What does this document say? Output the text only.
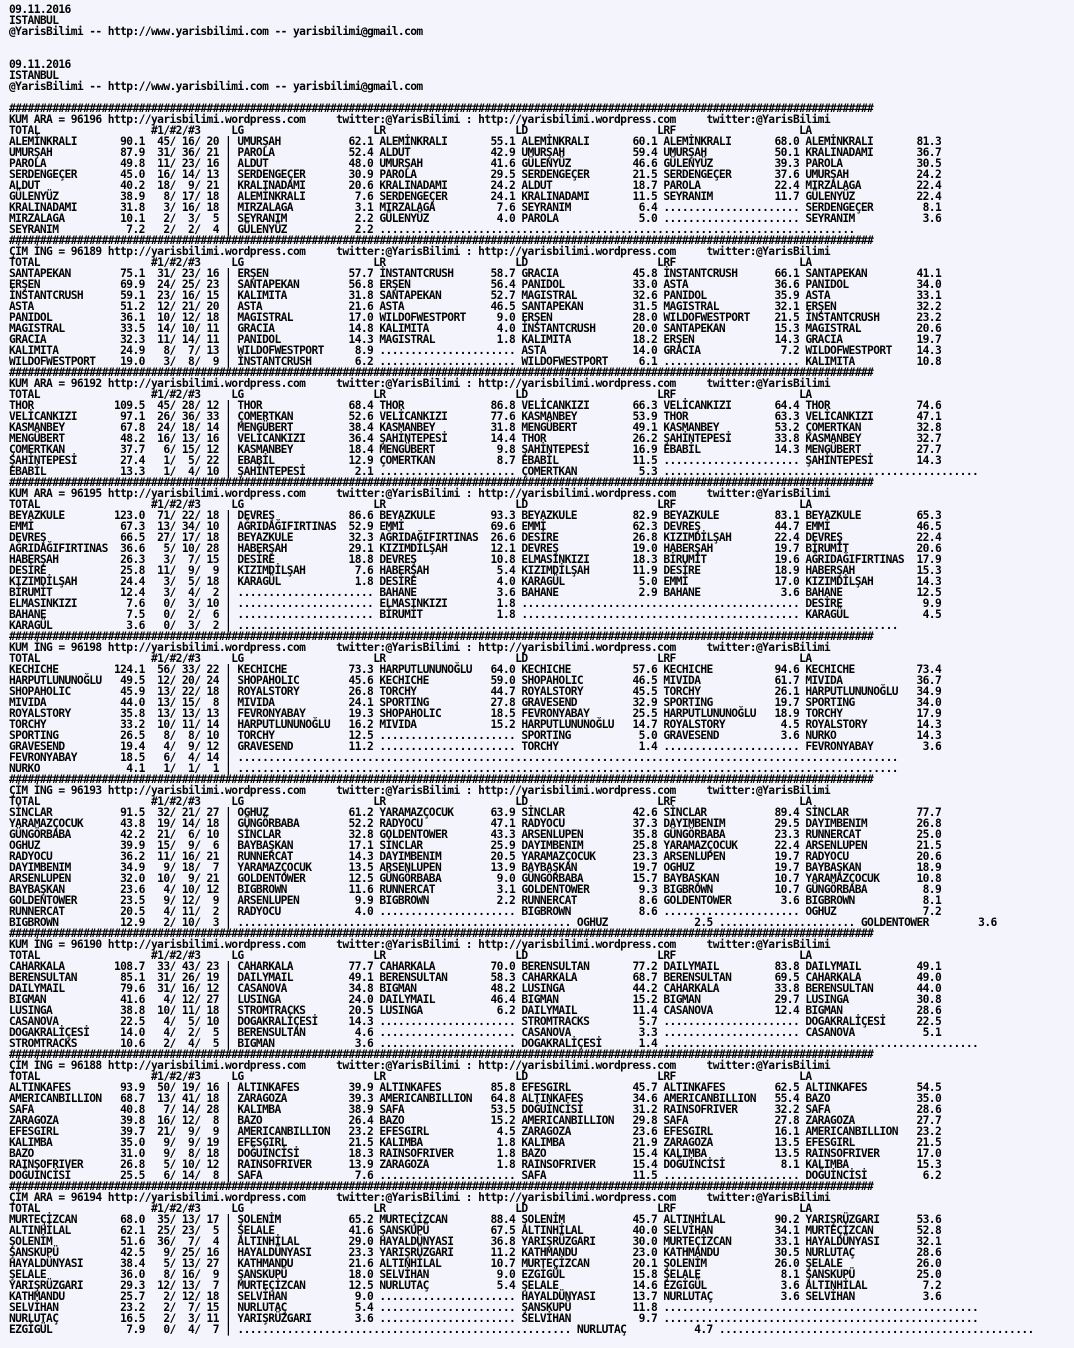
09.11.2016
ISTANBUL
@YarisBilimi -- http://www.yarisbilimi.com -- yarisbilimi@gmail.com

09.11.2016
ISTANBUL
@YarisBilimi -- http://www.yarisbilimi.com -- yarisbilimi@gmail.com

############################################################################################################################################
KUM ARA = 96196 http://yarisbilimi.wordpress.com     twitter:@YarisBilimi : http://yarisbilimi.wordpress.com     twitter:@YarisBilimi
TOTAL                  #1/#2/#3     LG                     LR                     LD                     LRF                    LA
ALEMİNKRALI       90.1  45/ 16/ 20 | UMURŞAH           62.1 ALEMİNKRALI       55.1 ALEMİNKRALI       60.1 ALEMİNKRALI       68.0 ALEMİNKRALI       81.3
UMURŞAH           87.9  31/ 36/ 21 | PAROLA            52.4 ALDUT             42.9 UMURŞAH           59.4 UMURŞAH           50.1 KRALINADAMI       36.7
PAROLA            49.8  11/ 23/ 16 | ALDUT             48.0 UMURŞAH           41.6 GÜLENYÜZ          46.6 GÜLENYÜZ          39.3 PAROLA            30.5
SERDENGEÇER       45.0  16/ 14/ 13 | SERDENGEÇER       30.9 PAROLA            29.5 SERDENGEÇER       21.5 SERDENGEÇER       37.6 UMURŞAH           24.2
ALDUT             40.2  18/  9/ 21 | KRALINADAMI       20.6 KRALINADAMI       24.2 ALDUT             18.7 PAROLA            22.4 MIRZALAGA         22.4
GÜLENYÜZ          38.9   8/ 17/ 18 | ALEMİNKRALI        7.6 SERDENGEÇER       24.1 KRALINADAMI       11.5 SEYRANIM          11.7 GÜLENYÜZ          22.4
KRALINADAMI       31.8   3/ 16/ 18 | MIRZALAGA          3.1 MIRZALAGA          7.6 SEYRANIM           6.4 ...................... SERDENGEÇER        8.1
MIRZALAGA         10.1   2/  3/  5 | SEYRANIM           2.2 GÜLENYÜZ           4.0 PAROLA             5.0 ...................... SEYRANIM           3.6
SEYRANIM           7.2   2/  2/  4 | GÜLENYÜZ           2.2 .............................................................................
############################################################################################################################################
ÇİM İNG = 96189 http://yarisbilimi.wordpress.com     twitter:@YarisBilimi : http://yarisbilimi.wordpress.com     twitter:@YarisBilimi
TOTAL                  #1/#2/#3     LG                     LR                     LD                     LRF                    LA
SANTAPEKAN        75.1  31/ 23/ 16 | ERŞEN             57.7 İNSTANTCRUSH      58.7 GRACIA            45.8 İNSTANTCRUSH      66.1 SANTAPEKAN        41.1
ERŞEN             69.9  24/ 25/ 23 | SANTAPEKAN        56.8 ERŞEN             56.4 PANIDOL           33.0 ASTA              36.6 PANIDOL           34.0
İNSTANTCRUSH      59.1  23/ 16/ 15 | KALIMITA          31.8 SANTAPEKAN        52.7 MAGISTRAL         32.6 PANIDOL           35.9 ASTA              33.1
ASTA              51.2  12/ 21/ 20 | ASTA              21.6 ASTA              46.5 SANTAPEKAN        31.5 MAGISTRAL         32.1 ERŞEN             32.2
PANIDOL           36.1  10/ 12/ 18 | MAGISTRAL         17.0 WILDOFWESTPORT     9.0 ERŞEN             28.0 WILDOFWESTPORT    21.5 İNSTANTCRUSH      23.2
MAGISTRAL         33.5  14/ 10/ 11 | GRACIA            14.8 KALIMITA           4.0 İNSTANTCRUSH      20.0 SANTAPEKAN        15.3 MAGISTRAL         20.6
GRACIA            32.3  11/ 14/ 11 | PANIDOL           14.3 MAGISTRAL          1.8 KALIMITA          18.2 ERŞEN             14.3 GRACIA            19.7
KALIMITA          24.9   8/  7/ 13 | WILDOFWESTPORT     8.9 ...................... ASTA              14.0 GRACIA             7.2 WILDOFWESTPORT    14.3
WILDOFWESTPORT    19.0   3/  8/  9 | İNSTANTCRUSH       6.2 ...................... WILDOFWESTPORT     6.1 ...................... KALIMITA          10.8
############################################################################################################################################
KUM ARA = 96192 http://yarisbilimi.wordpress.com     twitter:@YarisBilimi : http://yarisbilimi.wordpress.com     twitter:@YarisBilimi
TOTAL                  #1/#2/#3     LG                     LR                     LD                     LRF                    LA
THOR             109.5  45/ 28/ 12 | THOR              68.4 THOR              86.8 VELİCANKIZI       66.3 VELİCANKIZI       64.4 THOR              74.6
VELİCANKIZI       97.1  26/ 36/ 33 | ÇOMERTKAN         52.6 VELİCANKIZI       77.6 KASMANBEY         53.9 THOR              63.3 VELİCANKIZI       47.1
KASMANBEY         67.8  24/ 18/ 14 | MENGÜBERT         38.4 KASMANBEY         31.8 MENGÜBERT         49.1 KASMANBEY         53.2 ÇOMERTKAN         32.8
MENGÜBERT         48.2  16/ 13/ 16 | VELİCANKIZI       36.4 ŞAHİNTEPESİ       14.4 THOR              26.2 ŞAHİNTEPESİ       33.8 KASMANBEY         32.7
ÇOMERTKAN         37.7   6/ 15/ 12 | KASMANBEY         18.4 MENGÜBERT          9.8 ŞAHİNTEPESİ       16.9 EBABİL            14.3 MENGÜBERT         27.7
ŞAHİNTEPESİ       27.4   1/  5/ 22 | EBABİL            12.9 ÇOMERTKAN          8.7 EBABİL            11.5 ...................... ŞAHİNTEPESİ       14.3
EBABİL            13.3   1/  4/ 10 | ŞAHİNTEPESİ        2.1 ...................... ÇOMERTKAN          5.3 ...................................................
############################################################################################################################################
KUM ARA = 96195 http://yarisbilimi.wordpress.com     twitter:@YarisBilimi : http://yarisbilimi.wordpress.com     twitter:@YarisBilimi
TOTAL                  #1/#2/#3     LG                     LR                     LD                     LRF                    LA
BEYAZKULE        123.0  71/ 22/ 18 | DEVREŞ            86.6 BEYAZKULE         93.3 BEYAZKULE         82.9 BEYAZKULE         83.1 BEYAZKULE         65.3
EMMİ              67.3  13/ 34/ 10 | AĞRIDAĞIFIRTINAS  52.9 EMMİ              69.6 EMMİ              62.3 DEVREŞ            44.7 EMMİ              46.5
DEVREŞ            66.5  27/ 17/ 18 | BEYAZKULE         32.3 AĞRIDAĞIFIRTINAS  26.6 DESİRE            26.8 KIZIMDİLŞAH       22.4 DEVREŞ            22.4
AĞRIDAĞIFIRTINAS  36.6   5/ 10/ 28 | HABERŞAH          29.1 KIZIMDİLŞAH       12.1 DEVREŞ            19.0 HABERŞAH          19.7 BİRUMİT           20.6
HABERŞAH          26.3   3/  7/ 15 | DESİRE            18.8 DEVREŞ            10.8 ELMASINKIZI       18.3 BİRUMİT           19.6 AĞRIDAĞIFIRTINAS  17.9
DESİRE            25.8  11/  9/  9 | KIZIMDİLŞAH        7.6 HABERŞAH           5.4 KIZIMDİLŞAH       11.9 DESİRE            18.9 HABERŞAH          15.3
KIZIMDİLŞAH       24.4   3/  5/ 18 | KARAGÜL            1.8 DESİRE             4.0 KARAGÜL            5.0 EMMİ              17.0 KIZIMDİLŞAH       14.3
BİRUMİT           12.4   3/  4/  2 | ...................... BAHANE             3.6 BAHANE             2.9 BAHANE             3.6 BAHANE            12.5
ELMASINKIZI        7.6   0/  3/ 10 | ...................... ELMASINKIZI        1.8 ............................................. DESİRE             9.9
BAHANE             7.5   0/  2/  6 | ...................... BİRUMİT            1.8 ............................................. KARAGÜL            4.5
KARAGÜL            3.6   0/  3/  2 | ...........................................................................................................
############################################################################################################################################
KUM İNG = 96198 http://yarisbilimi.wordpress.com     twitter:@YarisBilimi : http://yarisbilimi.wordpress.com     twitter:@YarisBilimi
TOTAL                  #1/#2/#3     LG                     LR                     LD                     LRF                    LA
KECHICHE         124.1  56/ 33/ 22 | KECHICHE          73.3 HARPUTLUNUNOĞLU   64.0 KECHICHE          57.6 KECHICHE          94.6 KECHICHE          73.4
HARPUTLUNUNOĞLU   49.5  12/ 20/ 24 | SHOPAHOLIC        45.6 KECHICHE          59.0 SHOPAHOLIC        46.5 MIVIDA            61.7 MIVIDA            36.7
SHOPAHOLIC        45.9  13/ 22/ 18 | ROYALSTORY        26.8 TORCHY            44.7 ROYALSTORY        45.5 TORCHY            26.1 HARPUTLUNUNOĞLU   34.9
MIVIDA            44.0  13/ 15/  8 | MIVIDA            24.1 SPORTING          27.8 GRAVESEND         32.9 SPORTING          19.7 SPORTING          34.0
ROYALSTORY        35.8  13/ 13/ 13 | FEVRONYABAY       19.3 SHOPAHOLIC        18.5 FEVRONYABAY       25.5 HARPUTLUNUNOĞLU   18.9 TORCHY            17.9
TORCHY            33.2  10/ 11/ 14 | HARPUTLUNUNOĞLU   16.2 MIVIDA            15.2 HARPUTLUNUNOĞLU   14.7 ROYALSTORY         4.5 ROYALSTORY        14.3
SPORTING          26.5   8/  8/ 10 | TORCHY            12.5 ...................... SPORTING           5.0 GRAVESEND          3.6 NURKO             14.3
GRAVESEND         19.4   4/  9/ 12 | GRAVESEND         11.2 ...................... TORCHY             1.4 ...................... FEVRONYABAY        3.6
FEVRONYABAY       18.5   6/  4/ 14 | ...........................................................................................................
NURKO              4.1   1/  1/  1 | ...........................................................................................................
############################################################################################################################################
ÇİM İNG = 96193 http://yarisbilimi.wordpress.com     twitter:@YarisBilimi : http://yarisbilimi.wordpress.com     twitter:@YarisBilimi
TOTAL                  #1/#2/#3     LG                     LR                     LD                     LRF                    LA
SİNCLAR           91.5  32/ 21/ 27 | OGHUZ             61.2 YARAMAZÇOCUK      63.9 SİNCLAR           42.6 SİNCLAR           89.4 SİNCLAR           77.7
YARAMAZÇOCUK      43.8  19/ 14/ 18 | GÜNGÖRBABA        52.2 RADYOCU           47.1 RADYOCU           37.3 DAYIMBENIM        29.5 DAYIMBENIM        26.8
GÜNGÖRBABA        42.2  21/  6/ 10 | SİNCLAR           32.8 GOLDENTOWER       43.3 ARSENLUPEN        35.8 GÜNGÖRBABA        23.3 RUNNERCAT         25.0
OGHUZ             39.9  15/  9/  6 | BAYBAŞKAN         17.1 SİNCLAR           25.9 DAYIMBENIM        25.8 YARAMAZÇOCUK      22.4 ARSENLUPEN        21.5
RADYOCU           36.2  11/ 16/ 21 | RUNNERCAT         14.3 DAYIMBENIM        20.5 YARAMAZÇOCUK      23.3 ARSENLUPEN        19.7 RADYOCU           20.6
DAYIMBENIM        34.9   9/ 18/  7 | YARAMAZÇOCUK      13.5 ARSENLUPEN        13.9 BAYBAŞKAN         19.7 OGHUZ             19.7 BAYBAŞKAN         18.9
ARSENLUPEN        32.0  10/  9/ 21 | GOLDENTOWER       12.5 GÜNGÖRBABA         9.0 GÜNGÖRBABA        15.7 BAYBAŞKAN         10.7 YARAMAZÇOCUK      10.8
BAYBAŞKAN         23.6   4/ 10/ 12 | BIGBROWN          11.6 RUNNERCAT          3.1 GOLDENTOWER        9.3 BIGBROWN          10.7 GÜNGÖRBABA         8.9
GOLDENTOWER       23.5   9/ 12/  9 | ARSENLUPEN         9.9 BIGBROWN           2.2 RUNNERCAT          8.6 GOLDENTOWER        3.6 BIGBROWN           8.1
RUNNERCAT         20.5   4/ 11/  2 | RADYOCU            4.0 ...................... BIGBROWN           8.6 ...................... OGHUZ              7.2
BIGBROWN          12.9   2/ 10/  3 | ...................................................... OGHUZ              2.5 ...................... GOLDENTOWER        3.6
############################################################################################################################################
KUM İNG = 96190 http://yarisbilimi.wordpress.com     twitter:@YarisBilimi : http://yarisbilimi.wordpress.com     twitter:@YarisBilimi
TOTAL                  #1/#2/#3     LG                     LR                     LD                     LRF                    LA
CAHARKALA        108.7  33/ 43/ 23 | CAHARKALA         77.7 CAHARKALA         70.0 BERENSULTAN       77.2 DAILYMAIL         83.8 DAILYMAIL         49.1
BERENSULTAN       85.1  31/ 26/ 19 | DAILYMAIL         49.1 BERENSULTAN       58.3 CAHARKALA         68.7 BERENSULTAN       69.5 CAHARKALA         49.0
DAILYMAIL         79.6  31/ 16/ 12 | CASANOVA          34.8 BIGMAN            48.2 LUSINGA           44.2 CAHARKALA         33.8 BERENSULTAN       44.0
BIGMAN            41.6   4/ 12/ 27 | LUSINGA           24.0 DAILYMAIL         46.4 BIGMAN            15.2 BIGMAN            29.7 LUSINGA           30.8
LUSINGA           38.8  10/ 11/ 18 | STROMTRACKS       20.5 LUSINGA            6.2 DAILYMAIL         11.4 CASANOVA          12.4 BIGMAN            28.6
CASANOVA          22.5   4/  5/ 10 | DOGAKRALİÇESİ     14.3 ...................... STROMTRACKS        5.7 ...................... DOGAKRALİÇESİ     22.5
DOGAKRALİÇESİ     14.0   4/  2/  5 | BERENSULTAN        4.6 ...................... CASANOVA           3.3 ...................... CASANOVA           5.1
STROMTRACKS       10.6   2/  4/  5 | BIGMAN             3.6 ...................... DOGAKRALİÇESİ      1.4 ...................................................
############################################################################################################################################
ÇİM İNG = 96188 http://yarisbilimi.wordpress.com     twitter:@YarisBilimi : http://yarisbilimi.wordpress.com     twitter:@YarisBilimi
TOTAL                  #1/#2/#3     LG                     LR                     LD                     LRF                    LA
ALTINKAFES        93.9  50/ 19/ 16 | ALTINKAFES        39.9 ALTINKAFES        85.8 EFESGIRL          45.7 ALTINKAFES        62.5 ALTINKAFES        54.5
AMERICANBILLION   68.7  13/ 41/ 18 | ZARAGOZA          39.3 AMERICANBILLION   64.8 ALTINKAFES        34.6 AMERICANBILLION   55.4 BAZO              35.0
SAFA              40.8   7/ 14/ 28 | KALIMBA           38.9 SAFA              53.5 DOĞUİNCİSİ        31.2 RAINSOFRIVER      32.2 SAFA              28.6
ZARAGOZA          39.8  16/ 12/  8 | BAZO              26.4 BAZO              15.2 AMERICANBILLION   29.8 SAFA              27.8 ZARAGOZA          27.7
EFESGIRL          39.7  21/  9/  9 | AMERICANBILLION   23.2 EFESGIRL           4.5 ZARAGOZA          23.6 EFESGIRL          16.1 AMERICANBILLION   23.2
KALIMBA           35.0   9/  9/ 19 | EFESGIRL          21.5 KALIMBA            1.8 KALIMBA           21.9 ZARAGOZA          13.5 EFESGIRL          21.5
BAZO              31.0   9/  8/ 18 | DOĞUİNCİSİ        18.3 RAINSOFRIVER       1.8 BAZO              15.4 KALIMBA           13.5 RAINSOFRIVER      17.0
RAINSOFRIVER      26.8   5/ 10/ 12 | RAINSOFRIVER      13.9 ZARAGOZA           1.8 RAINSOFRIVER      15.4 DOĞUİNCİSİ         8.1 KALIMBA           15.3
DOĞUİNCİSİ        25.5   6/ 14/  8 | SAFA               7.6 ...................... SAFA              11.5 ...................... DOĞUİNCİSİ         6.2
############################################################################################################################################
ÇİM ARA = 96194 http://yarisbilimi.wordpress.com     twitter:@YarisBilimi : http://yarisbilimi.wordpress.com     twitter:@YarisBilimi
TOTAL                  #1/#2/#3     LG                     LR                     LD                     LRF                    LA
MURTEÇİZCAN       68.0  35/ 13/ 17 | ŞOLENİM           65.2 MURTEÇİZCAN       88.4 ŞOLENİM           45.7 ALTINHİLAL        90.2 YARIŞRÜZGARI      53.6
ALTINHİLAL        62.1  25/ 23/  5 | ŞELALE            41.6 ŞANSKUPÜ          67.5 ALTINHİLAL        40.0 SELVİHAN          34.1 MURTEÇİZCAN       52.8
ŞOLENİM           51.6  36/  7/  4 | ALTINHİLAL        29.0 HAYALDÜNYASI      36.8 YARIŞRÜZGARI      30.0 MURTEÇİZCAN       33.1 HAYALDÜNYASI      32.1
ŞANSKUPÜ          42.5   9/ 25/ 16 | HAYALDÜNYASI      23.3 YARIŞRÜZGARI      11.2 KATHMANDU         23.0 KATHMANDU         30.5 NURLUTAÇ          28.6
HAYALDÜNYASI      38.4   5/ 13/ 27 | KATHMANDU         21.6 ALTINHİLAL        10.7 MURTEÇİZCAN       20.1 ŞOLENİM           26.0 ŞELALE            26.0
ŞELALE            36.0   8/ 16/  9 | ŞANSKUPÜ          18.0 SELVİHAN           9.0 EZGİGÜL           15.8 ŞELALE             8.1 ŞANSKUPÜ          25.0
YARIŞRÜZGARI      29.3  12/ 13/  7 | MURTEÇİZCAN       12.5 NURLUTAÇ           5.4 ŞELALE            14.6 EZGİGÜL            3.6 ALTINHİLAL         7.2
KATHMANDU         25.7   2/ 12/ 18 | SELVİHAN           9.0 ...................... HAYALDÜNYASI      13.7 NURLUTAÇ           3.6 SELVİHAN           3.6
SELVİHAN          23.2   2/  7/ 15 | NURLUTAÇ           5.4 ...................... ŞANSKUPÜ          11.8 ...................................................
NURLUTAÇ          16.5   2/  3/ 11 | YARIŞRÜZGARI       3.6 ...................... SELVİHAN           9.7 ...................................................
EZGİGÜL            7.9   0/  4/  7 | ...................................................... NURLUTAÇ           4.7 ...................................................
